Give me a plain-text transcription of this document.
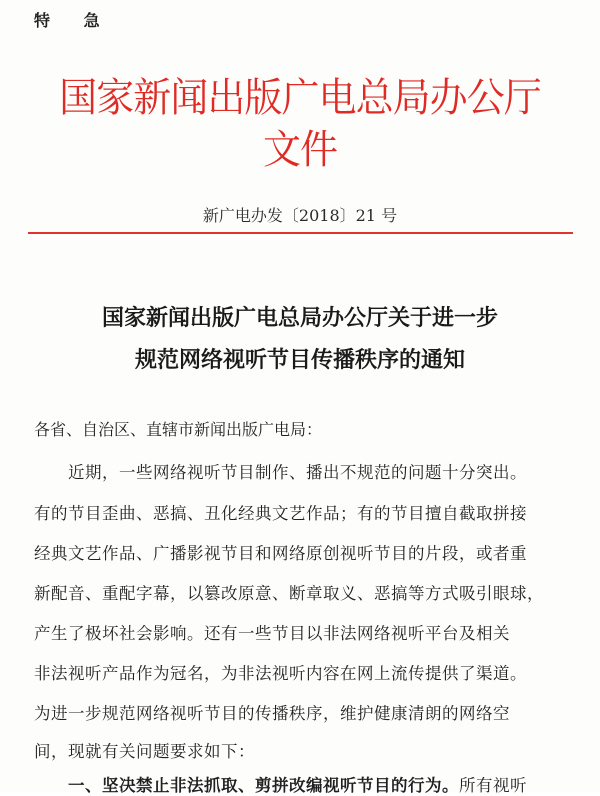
特 急
国家新闻出版广电总局办公厅文件
新广电办发〔2018〕21 号
国家新闻出版广电总局办公厅关于进一步
规范网络视听节目传播秩序的通知
各省、自治区、直辖市新闻出版广电局：
　　近期，一些网络视听节目制作、播出不规范的问题十分突出。
有的节目歪曲、恶搞、丑化经典文艺作品；有的节目擅自截取拼接
经典文艺作品、广播影视节目和网络原创视听节目的片段，或者重
新配音、重配字幕，以篡改原意、断章取义、恶搞等方式吸引眼球，
产生了极坏社会影响。还有一些节目以非法网络视听平台及相关
非法视听产品作为冠名，为非法视听内容在网上流传提供了渠道。
为进一步规范网络视听节目的传播秩序，维护健康清朗的网络空
间，现就有关问题要求如下：
　　一、坚决禁止非法抓取、剪拼改编视听节目的行为。所有视听
